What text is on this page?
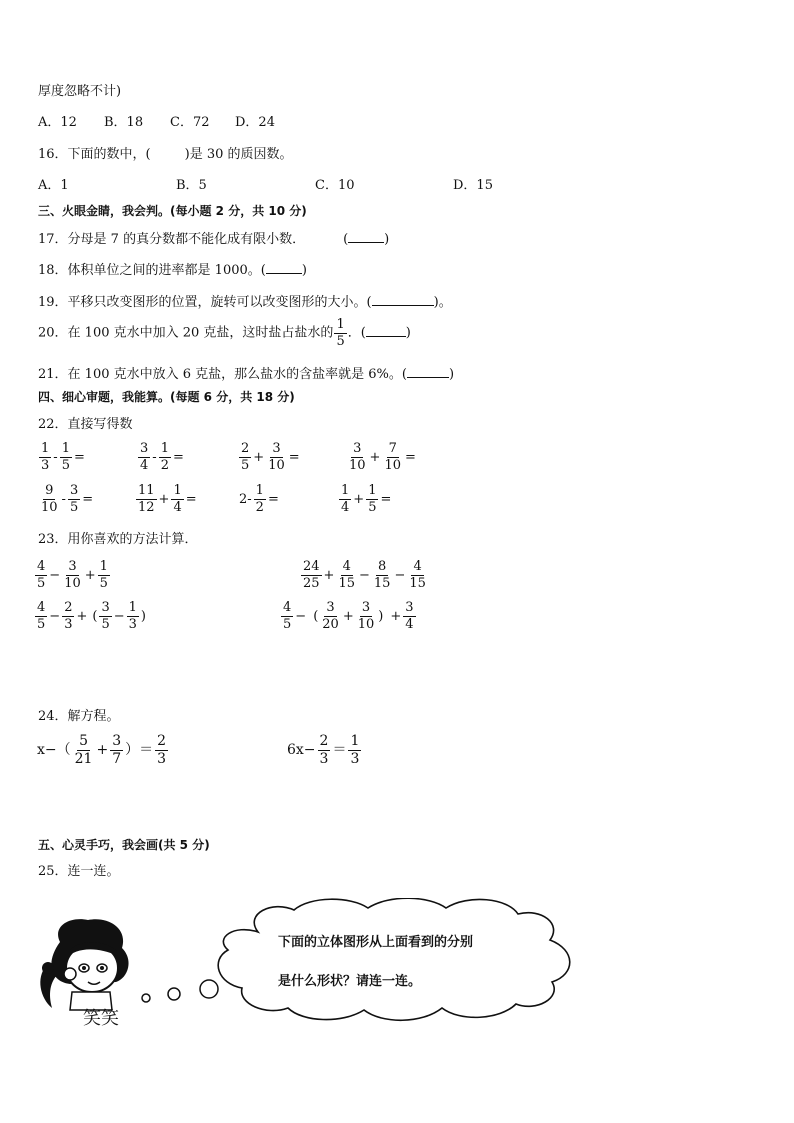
厚度忽略不计)
A．12 B．18 C．72 D．24
16．下面的数中，(	)是 30 的质因数。
A．1	B．5	C．10	D．15
三、火眼金睛，我会判。(每小题 2 分，共 10 分)
17．分母是 7 的真分数都不能化成有限小数．	(	)
18．体积单位之间的进率都是 1000。(	)
19．平移只改变图形的位置，旋转可以改变图形的大小。(	)。
20．在 100 克水中加入 20 克盐，这时盐占盐水的 $\frac{1}{5}$ ．(	)
21．在 100 克水中放入 6 克盐，那么盐水的含盐率就是 6%。(	)
四、细心审题，我能算。(每题 6 分，共 18 分)
22．直接写得数
$\frac{1}{3} - \frac{1}{5}$ =	$\frac{3}{4} - \frac{1}{2}$ =	$\frac{2}{5} + \frac{3}{10}$ =	$\frac{3}{10} + \frac{7}{10}$ =
$\frac{9}{10} - \frac{3}{5}$ =	$\frac{11}{12} + \frac{1}{4}$ =	$2- \frac{1}{2}$ =	$\frac{1}{4} + \frac{1}{5}$ =
23．用你喜欢的方法计算．
$\frac{4}{5} - \frac{3}{10} + \frac{1}{5}$	$\frac{24}{25} + \frac{4}{15} - \frac{8}{15} - \frac{4}{15}$
$\frac{4}{5} - \frac{2}{3}$ + ( $\frac{3}{5} - \frac{1}{3}$ )	$\frac{4}{5}$ − ( $\frac{3}{20} + \frac{3}{10}$ ) + $\frac{3}{4}$
24．解方程。
$x-( \frac{5}{21} + \frac{3}{7}$ ）＝ $\frac{2}{3}$	$6x- \frac{2}{3} = \frac{1}{3}$
五、心灵手巧，我会画(共 5 分)
25．连一连。
笑笑
下面的立体图形从上面看到的分别
是什么形状？请连一连。
